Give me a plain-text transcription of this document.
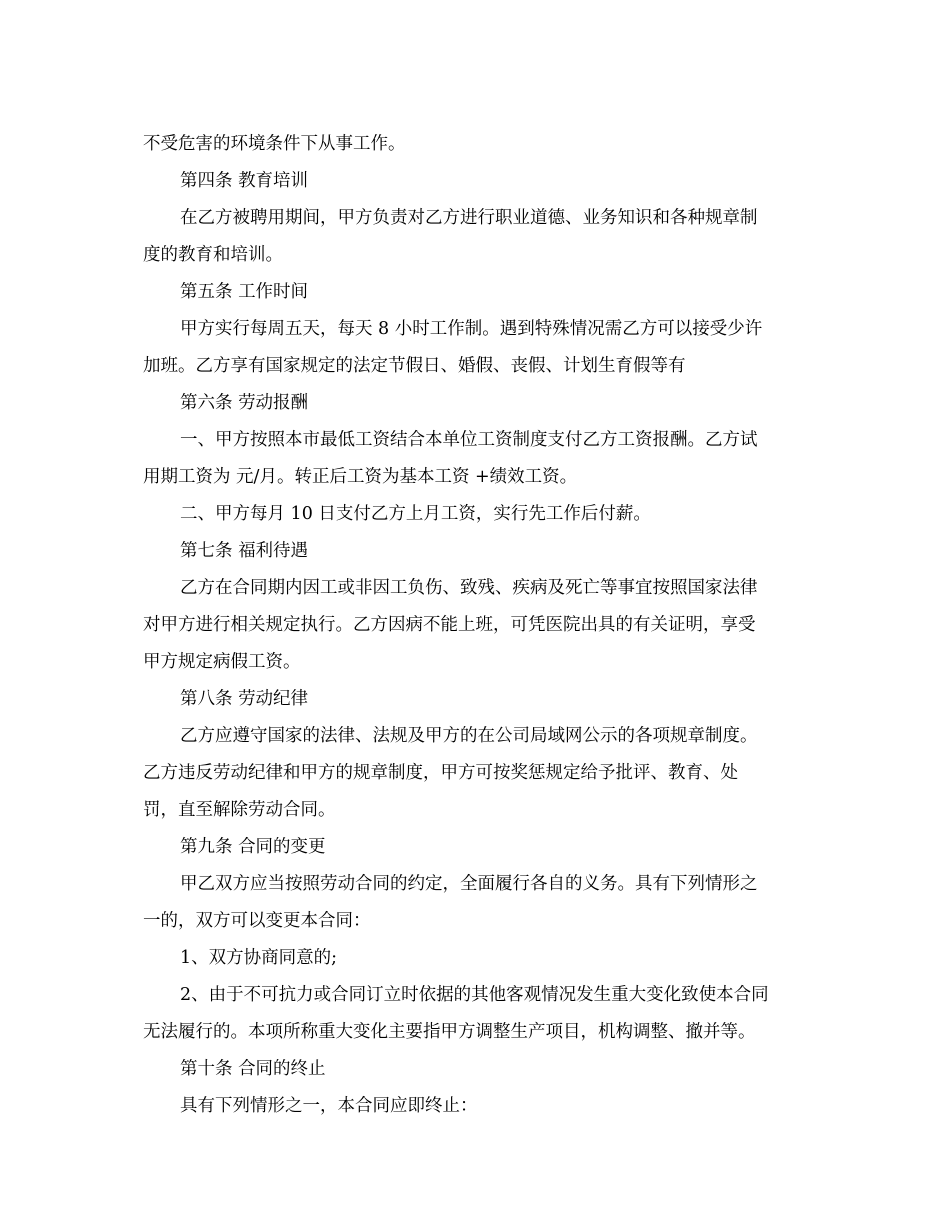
不受危害的环境条件下从事工作。
第四条 教育培训
在乙方被聘用期间，甲方负责对乙方进行职业道德、业务知识和各种规章制
度的教育和培训。
第五条 工作时间
甲方实行每周五天，每天 8 小时工作制。遇到特殊情况需乙方可以接受少许
加班。乙方享有国家规定的法定节假日、婚假、丧假、计划生育假等有
第六条 劳动报酬
一、甲方按照本市最低工资结合本单位工资制度支付乙方工资报酬。乙方试
用期工资为 元/月。转正后工资为基本工资 +绩效工资。
二、甲方每月 10 日支付乙方上月工资，实行先工作后付薪。
第七条 福利待遇
乙方在合同期内因工或非因工负伤、致残、疾病及死亡等事宜按照国家法律
对甲方进行相关规定执行。乙方因病不能上班，可凭医院出具的有关证明，享受
甲方规定病假工资。
第八条 劳动纪律
乙方应遵守国家的法律、法规及甲方的在公司局域网公示的各项规章制度。
乙方违反劳动纪律和甲方的规章制度，甲方可按奖惩规定给予批评、教育、处
罚，直至解除劳动合同。
第九条 合同的变更
甲乙双方应当按照劳动合同的约定，全面履行各自的义务。具有下列情形之
一的，双方可以变更本合同：
1、双方协商同意的;
2、由于不可抗力或合同订立时依据的其他客观情况发生重大变化致使本合同
无法履行的。本项所称重大变化主要指甲方调整生产项目，机构调整、撤并等。
第十条 合同的终止
具有下列情形之一，本合同应即终止：
